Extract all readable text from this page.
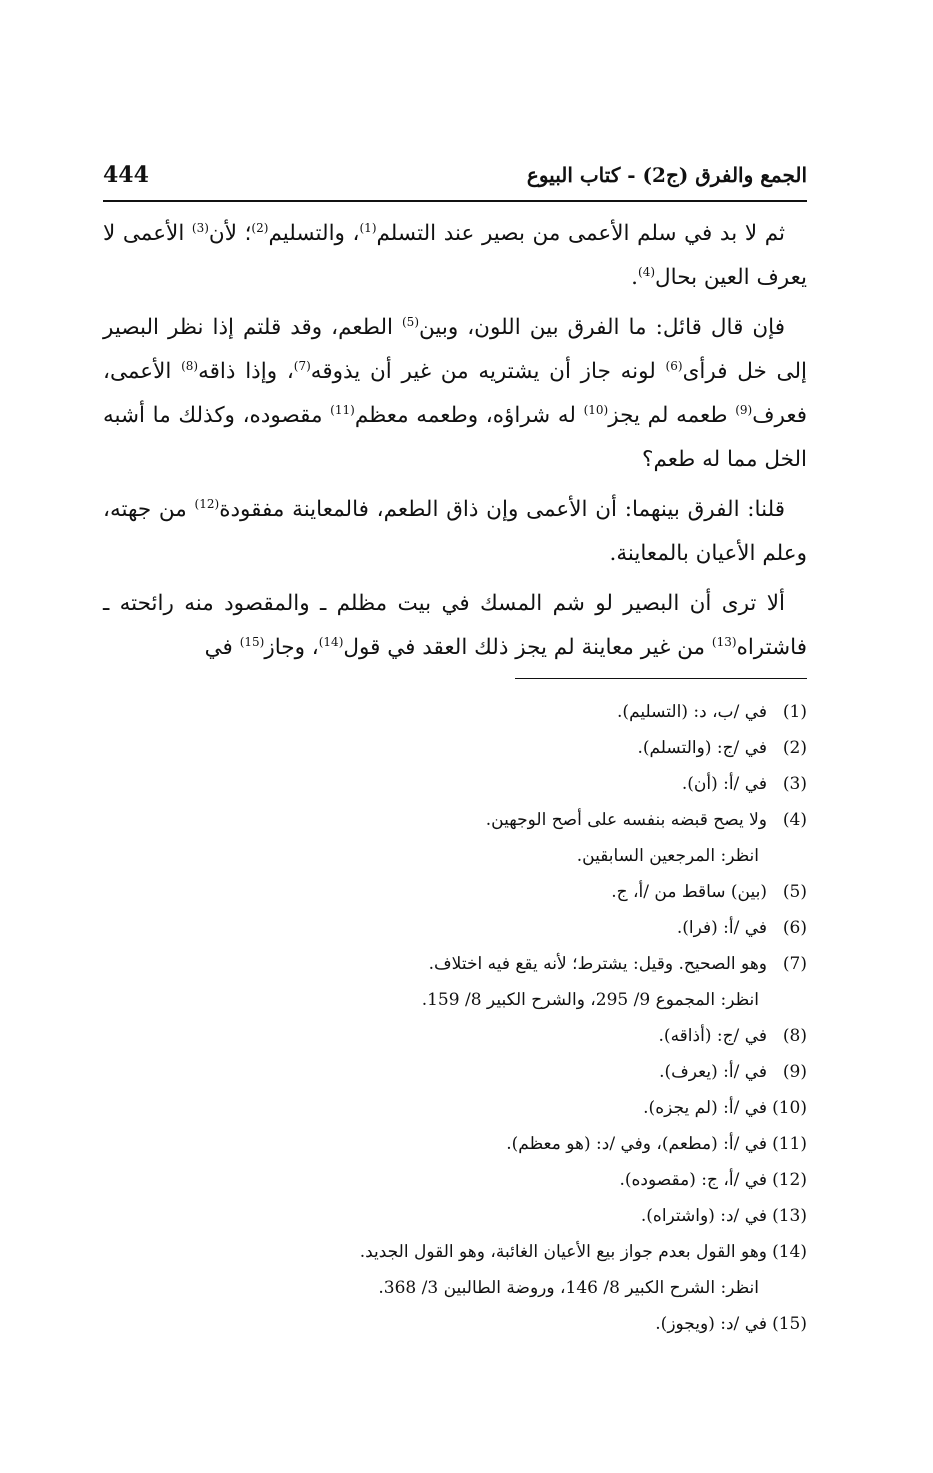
444	الجمع والفرق (ج2) - كتاب البيوع

ثم لا بد في سلم الأعمى من بصير عند التسلم$^{(1)}$، والتسليم$^{(2)}$؛ لأن$^{(3)}$ الأعمى لا يعرف العين بحال$^{(4)}$.

فإن قال قائل: ما الفرق بين اللون، وبين$^{(5)}$ الطعم، وقد قلتم إذا نظر البصير إلى خل فرأى$^{(6)}$ لونه جاز أن يشتريه من غير أن يذوقه$^{(7)}$، وإذا ذاقه$^{(8)}$ الأعمى، فعرف$^{(9)}$ طعمه لم يجز$^{(10)}$ له شراؤه، وطعمه معظم$^{(11)}$ مقصوده، وكذلك ما أشبه الخل مما له طعم؟

قلنا: الفرق بينهما: أن الأعمى وإن ذاق الطعم، فالمعاينة مفقودة$^{(12)}$ من جهته، وعلم الأعيان بالمعاينة.

ألا ترى أن البصير لو شم المسك في بيت مظلم ـ والمقصود منه رائحته ـ فاشتراه$^{(13)}$ من غير معاينة لم يجز ذلك العقد في قول$^{(14)}$، وجاز$^{(15)}$ في

(1)في /ب، د: (التسليم).
(2)في /ج: (والتسلم).
(3)في /أ: (أن).
(4)ولا يصح قبضه بنفسه على أصح الوجهين.
انظر: المرجعين السابقين.
(5)(بين) ساقط من /أ، ج.
(6)في /أ: (فرا).
(7)وهو الصحيح. وقيل: يشترط؛ لأنه يقع فيه اختلاف.
انظر: المجموع 9/ 295، والشرح الكبير 8/ 159.
(8)في /ج: (أذاقه).
(9)في /أ: (يعرف).
(10)في /أ: (لم يجزه).
(11)في /أ: (مطعم)، وفي /د: (هو معظم).
(12)في /أ، ج: (مقصوده).
(13)في /د: (واشتراه).
(14)وهو القول بعدم جواز بيع الأعيان الغائبة، وهو القول الجديد.
انظر: الشرح الكبير 8/ 146، وروضة الطالبين 3/ 368.
(15)في /د: (ويجوز).
